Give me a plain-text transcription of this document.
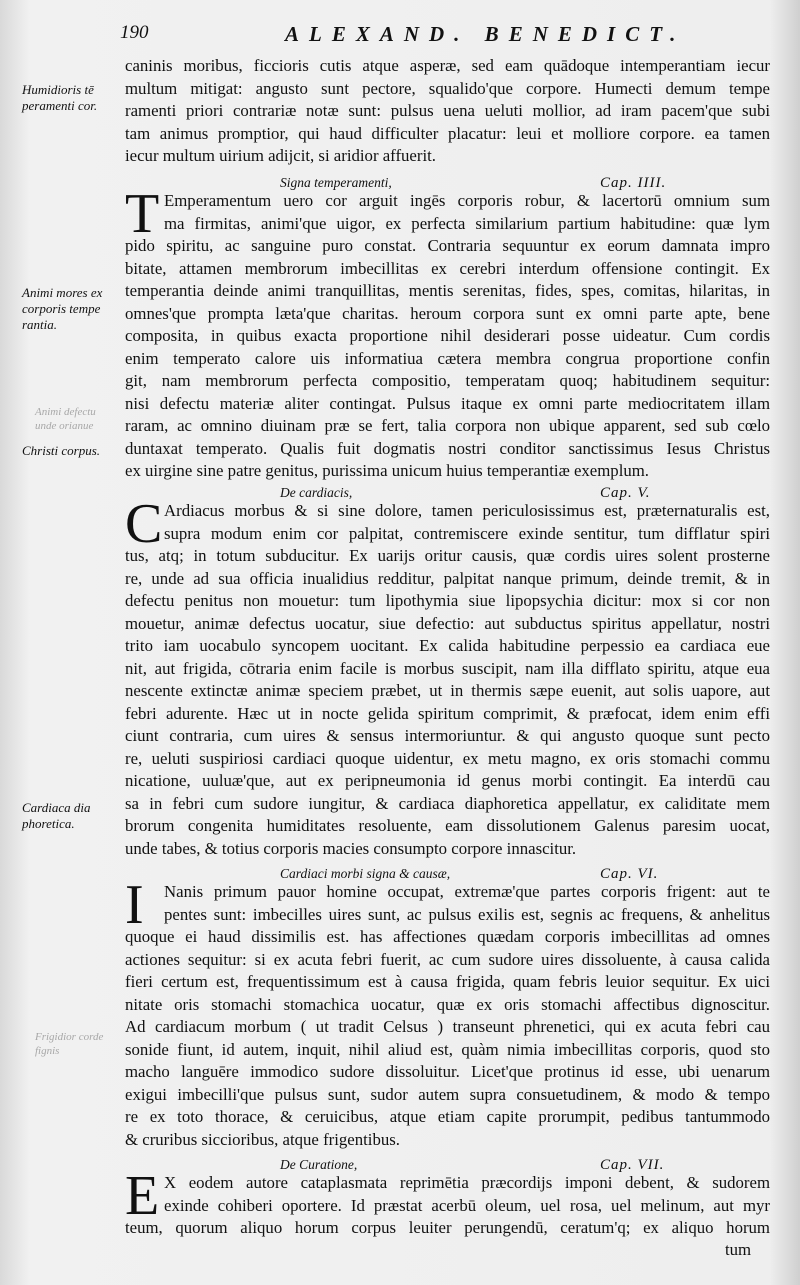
190	ALEXAND. BENEDICT.
caninis moribus, ficcioris cutis atque asperæ, sed eam quādoque intemperantiam iecur
multum mitigat: angusto sunt pectore, squalido'que corpore. Humecti demum tempe
ramenti priori contrariæ notæ sunt: pulsus uena ueluti mollior, ad iram pacem'que subi
tam animus promptior, qui haud difficulter placatur: leui et molliore corpore. ea tamen
iecur multum uirium adijcit, si aridior affuerit.
Signa temperamenti,	Cap. IIII.
T Emperamentum uero cor arguit ingēs corporis robur, & lacertorū omnium sum
ma firmitas, animi'que uigor, ex perfecta similarium partium habitudine: quæ lym
pido spiritu, ac sanguine puro constat. Contraria sequuntur ex eorum damnata impro
bitate, attamen membrorum imbecillitas ex cerebri interdum offensione contingit. Ex
temperantia deinde animi tranquillitas, mentis serenitas, fides, spes, comitas, hilaritas, in
omnes'que prompta læta'que charitas. heroum corpora sunt ex omni parte apte, bene
composita, in quibus exacta proportione nihil desiderari posse uideatur. Cum cordis
enim temperato calore uis informatiua cætera membra congrua proportione confin
git, nam membrorum perfecta compositio, temperatam quoq; habitudinem sequitur:
nisi defectu materiæ aliter contingat. Pulsus itaque ex omni parte mediocritatem illam
raram, ac omnino diuinam præ se fert, talia corpora non ubique apparent, sed sub cœlo
duntaxat temperato. Qualis fuit dogmatis nostri conditor sanctissimus Iesus Christus
ex uirgine sine patre genitus, purissima unicum huius temperantiæ exemplum.
De cardiacis,	Cap. V.
C Ardiacus morbus & si sine dolore, tamen periculosissimus est, præternaturalis est,
supra modum enim cor palpitat, contremiscere exinde sentitur, tum difflatur spiri
tus, atq; in totum subducitur. Ex uarijs oritur causis, quæ cordis uires solent prosterne
re, unde ad sua officia inualidius redditur, palpitat nanque primum, deinde tremit, & in
defectu penitus non mouetur: tum lipothymia siue lipopsychia dicitur: mox si cor non
mouetur, animæ defectus uocatur, siue defectio: aut subductus spiritus appellatur, nostri
trito iam uocabulo syncopem uocitant. Ex calida habitudine perpessio ea cardiaca eue
nit, aut frigida, cōtraria enim facile is morbus suscipit, nam illa difflato spiritu, atque eua
nescente extinctæ animæ speciem præbet, ut in thermis sæpe euenit, aut solis uapore, aut
febri adurente. Hæc ut in nocte gelida spiritum comprimit, & præfocat, idem enim effi
ciunt contraria, cum uires & sensus intermoriuntur. & qui angusto quoque sunt pecto
re, ueluti suspiriosi cardiaci quoque uidentur, ex metu magno, ex oris stomachi commu
nicatione, uuluæ'que, aut ex peripneumonia id genus morbi contingit. Ea interdū cau
sa in febri cum sudore iungitur, & cardiaca diaphoretica appellatur, ex caliditate mem
brorum congenita humiditates resoluente, eam dissolutionem Galenus paresim uocat,
unde tabes, & totius corporis macies consumpto corpore innascitur.
Cardiaci morbi signa & causæ,	Cap. VI.
I	Nanis primum pauor homine occupat, extremæ'que partes corporis frigent: aut te
pentes sunt: imbecilles uires sunt, ac pulsus exilis est, segnis ac frequens, & anhelitus
quoque ei haud dissimilis est. has affectiones quædam corporis imbecillitas ad omnes
actiones sequitur: si ex acuta febri fuerit, ac cum sudore uires dissoluente, à causa calida
fieri certum est, frequentissimum est à causa frigida, quam febris leuior sequitur. Ex uici
nitate oris stomachi stomachica uocatur, quæ ex oris stomachi affectibus dignoscitur.
Ad cardiacum morbum ( ut tradit Celsus ) transeunt phrenetici, qui ex acuta febri cau
sonide fiunt, id autem, inquit, nihil aliud est, quàm nimia imbecillitas corporis, quod sto
macho languēre immodico sudore dissoluitur. Licet'que protinus id esse, ubi uenarum
exigui imbecilli'que pulsus sunt, sudor autem supra consuetudinem, & modo & tempo
re ex toto thorace, & ceruicibus, atque etiam capite prorumpit, pedibus tantummodo
& cruribus siccioribus, atque frigentibus.
De Curatione,	Cap. VII.
E X eodem autore cataplasmata reprimētia præcordijs imponi debent, & sudorem
exinde cohiberi oportere. Id præstat acerbū oleum, uel rosa, uel melinum, aut myr
teum, quorum aliquo horum corpus leuiter perungendū, ceratum'q; ex aliquo horum
tum
Humidioris tē peramenti cor.
Animi mores ex corporis tempe rantia.
Christi corpus.
Cardiaca dia phoretica.
Animi defectu unde orianue
Frigidior corde fignis
